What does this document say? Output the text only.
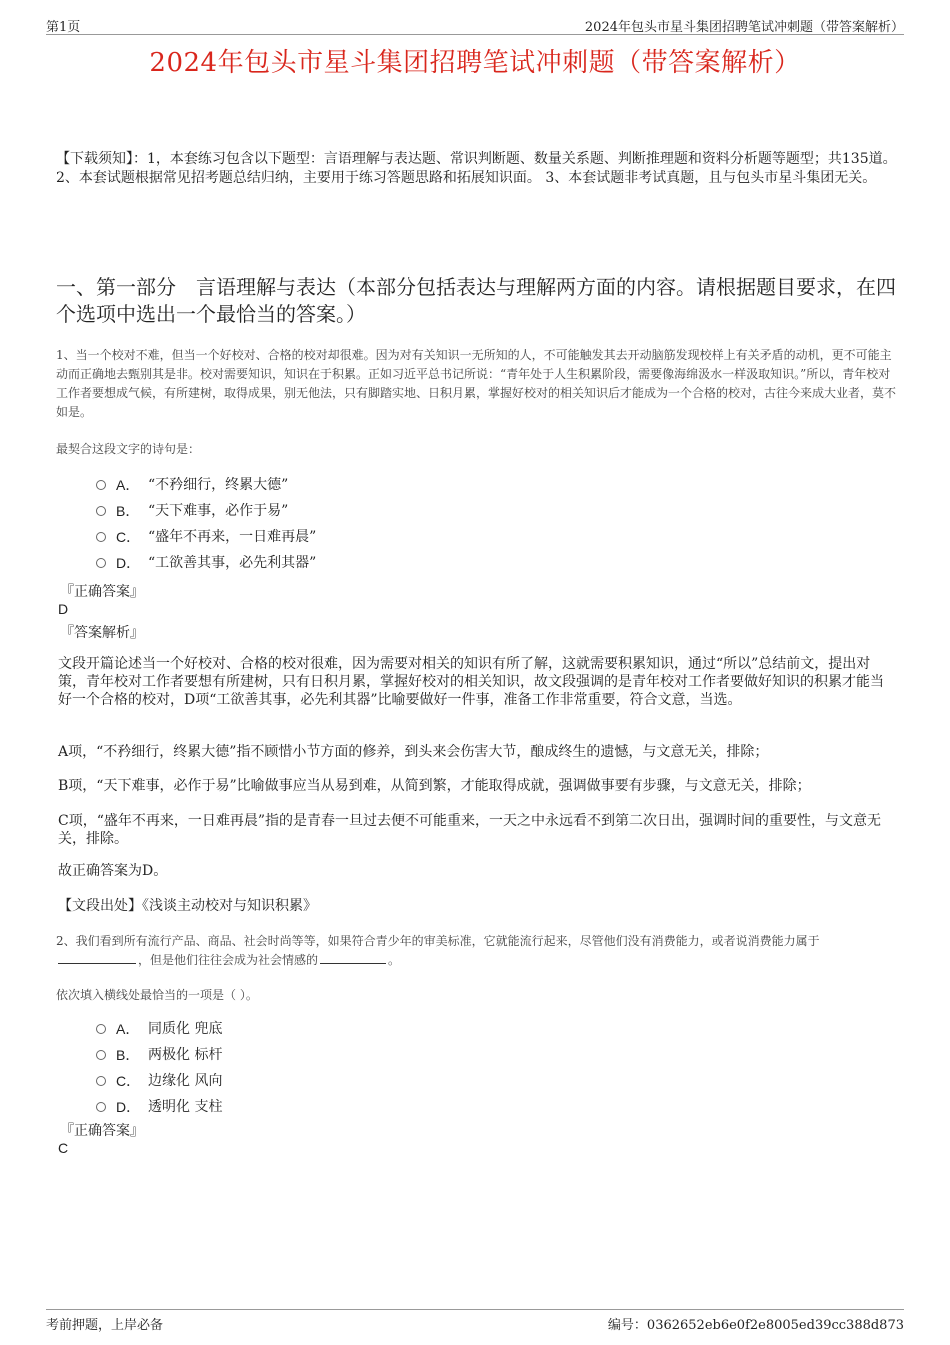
第1页	2024年包头市星斗集团招聘笔试冲刺题（带答案解析）
2024年包头市星斗集团招聘笔试冲刺题（带答案解析）
【下载须知】：1，本套练习包含以下题型：言语理解与表达题、常识判断题、数量关系题、判断推理题和资料分析题等题型；共135道。 2、本套试题根据常见招考题总结归纳，主要用于练习答题思路和拓展知识面。 3、本套试题非考试真题，且与包头市星斗集团无关。
一、第一部分　言语理解与表达（本部分包括表达与理解两方面的内容。请根据题目要求，在四个选项中选出一个最恰当的答案。）
1、当一个校对不难，但当一个好校对、合格的校对却很难。因为对有关知识一无所知的人，不可能触发其去开动脑筋发现校样上有关矛盾的动机，更不可能主动而正确地去甄别其是非。校对需要知识，知识在于积累。正如习近平总书记所说：“青年处于人生积累阶段，需要像海绵汲水一样汲取知识。”所以，青年校对工作者要想成气候，有所建树，取得成果，别无他法，只有脚踏实地、日积月累，掌握好校对的相关知识后才能成为一个合格的校对，古往今来成大业者，莫不如是。
最契合这段文字的诗句是：
A． “不矜细行，终累大德”
B． “天下难事，必作于易”
C． “盛年不再来，一日难再晨”
D． “工欲善其事，必先利其器”
『正确答案』
D
『答案解析』
文段开篇论述当一个好校对、合格的校对很难，因为需要对相关的知识有所了解，这就需要积累知识，通过“所以”总结前文，提出对策，青年校对工作者要想有所建树，只有日积月累，掌握好校对的相关知识，故文段强调的是青年校对工作者要做好知识的积累才能当好一个合格的校对，D项“工欲善其事，必先利其器”比喻要做好一件事，准备工作非常重要，符合文意，当选。
A项，“不矜细行，终累大德”指不顾惜小节方面的修养，到头来会伤害大节，酿成终生的遗憾，与文意无关，排除；
B项，“天下难事，必作于易”比喻做事应当从易到难，从简到繁，才能取得成就，强调做事要有步骤，与文意无关，排除；
C项，“盛年不再来，一日难再晨”指的是青春一旦过去便不可能重来，一天之中永远看不到第二次日出，强调时间的重要性，与文意无关，排除。
故正确答案为D。
【文段出处】《浅谈主动校对与知识积累》
2、我们看到所有流行产品、商品、社会时尚等等，如果符合青少年的审美标准，它就能流行起来，尽管他们没有消费能力，或者说消费能力属于，但是他们往往会成为社会情感的	。
依次填入横线处最恰当的一项是（ ）。
A． 同质化 兜底
B． 两极化 标杆
C． 边缘化 风向
D． 透明化 支柱
『正确答案』
C
考前押题，上岸必备	编号：0362652eb6e0f2e8005ed39cc388d873
